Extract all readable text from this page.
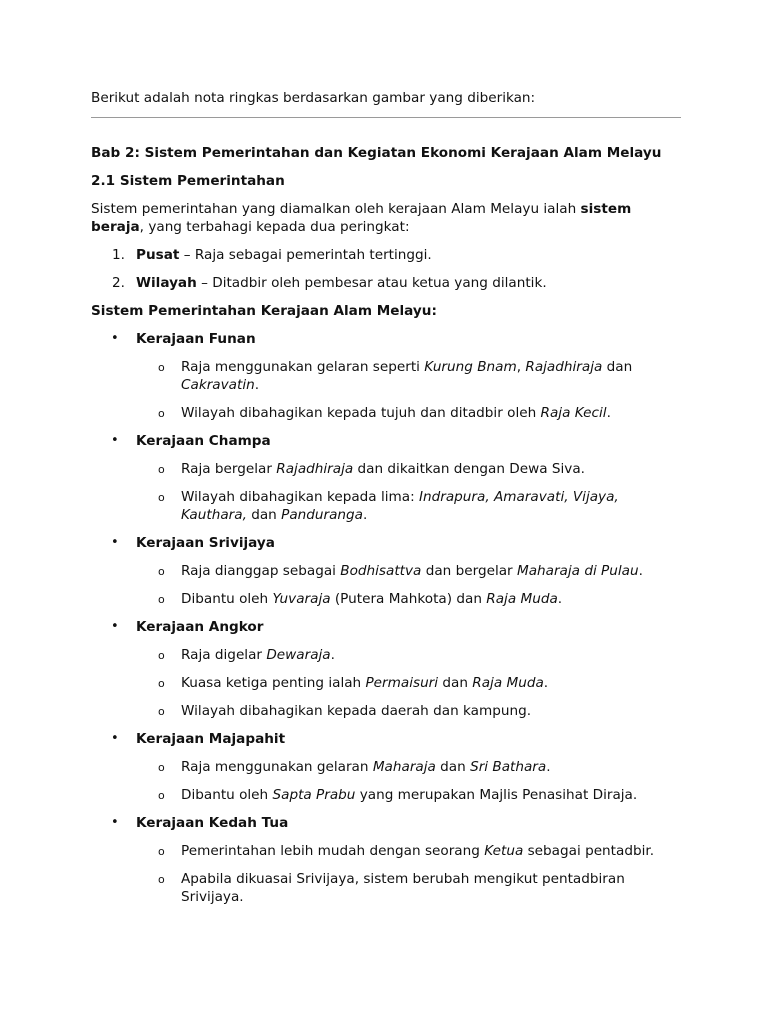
Berikut adalah nota ringkas berdasarkan gambar yang diberikan:

Bab 2: Sistem Pemerintahan dan Kegiatan Ekonomi Kerajaan Alam Melayu

2.1 Sistem Pemerintahan

Sistem pemerintahan yang diamalkan oleh kerajaan Alam Melayu ialah sistem beraja, yang terbahagi kepada dua peringkat:

1. Pusat – Raja sebagai pemerintah tertinggi.
2. Wilayah – Ditadbir oleh pembesar atau ketua yang dilantik.

Sistem Pemerintahan Kerajaan Alam Melayu:

• Kerajaan Funan
o Raja menggunakan gelaran seperti Kurung Bnam, Rajadhiraja dan Cakravatin.
o Wilayah dibahagikan kepada tujuh dan ditadbir oleh Raja Kecil.
• Kerajaan Champa
o Raja bergelar Rajadhiraja dan dikaitkan dengan Dewa Siva.
o Wilayah dibahagikan kepada lima: Indrapura, Amaravati, Vijaya, Kauthara, dan Panduranga.
• Kerajaan Srivijaya
o Raja dianggap sebagai Bodhisattva dan bergelar Maharaja di Pulau.
o Dibantu oleh Yuvaraja (Putera Mahkota) dan Raja Muda.
• Kerajaan Angkor
o Raja digelar Dewaraja.
o Kuasa ketiga penting ialah Permaisuri dan Raja Muda.
o Wilayah dibahagikan kepada daerah dan kampung.
• Kerajaan Majapahit
o Raja menggunakan gelaran Maharaja dan Sri Bathara.
o Dibantu oleh Sapta Prabu yang merupakan Majlis Penasihat Diraja.
• Kerajaan Kedah Tua
o Pemerintahan lebih mudah dengan seorang Ketua sebagai pentadbir.
o Apabila dikuasai Srivijaya, sistem berubah mengikut pentadbiran Srivijaya.
